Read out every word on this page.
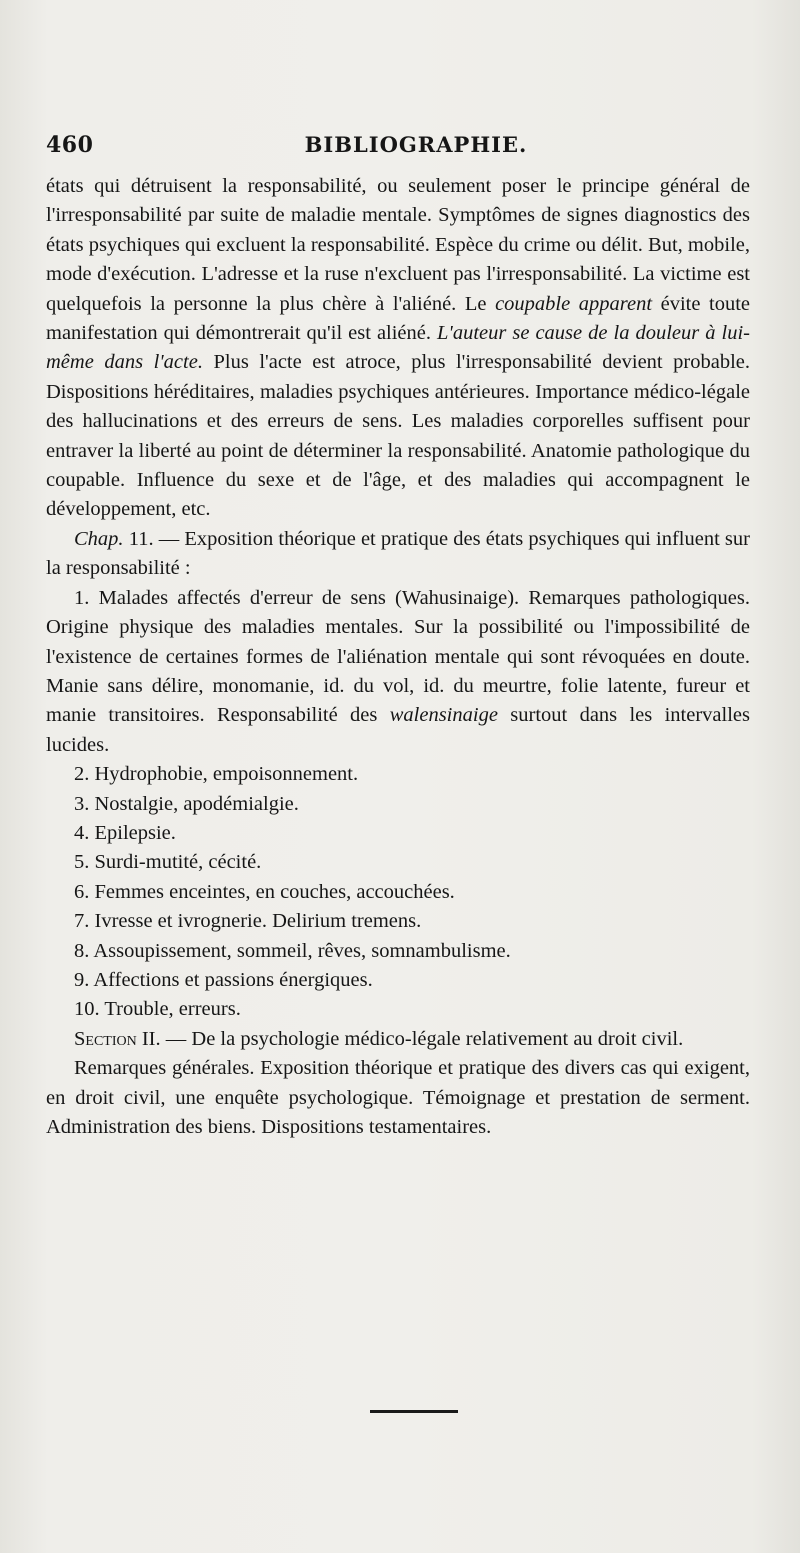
460	BIBLIOGRAPHIE.

états qui détruisent la responsabilité, ou seulement poser le principe général de l'irresponsabilité par suite de maladie mentale. Symptômes de signes diagnostics des états psychiques qui excluent la responsabilité. Espèce du crime ou délit. But, mobile, mode d'exécution. L'adresse et la ruse n'excluent pas l'irresponsabilité. La victime est quelquefois la personne la plus chère à l'aliéné. Le coupable apparent évite toute manifestation qui démontrerait qu'il est aliéné. L'auteur se cause de la douleur à lui-même dans l'acte. Plus l'acte est atroce, plus l'irresponsabilité devient probable. Dispositions héréditaires, maladies psychiques antérieures. Importance médico-légale des hallucinations et des erreurs de sens. Les maladies corporelles suffisent pour entraver la liberté au point de déterminer la responsabilité. Anatomie pathologique du coupable. Influence du sexe et de l'âge, et des maladies qui accompagnent le développement, etc.

Chap. 11. — Exposition théorique et pratique des états psychiques qui influent sur la responsabilité :

1. Malades affectés d'erreur de sens (Wahusinaige). Remarques pathologiques. Origine physique des maladies mentales. Sur la possibilité ou l'impossibilité de l'existence de certaines formes de l'aliénation mentale qui sont révoquées en doute. Manie sans délire, monomanie, id. du vol, id. du meurtre, folie latente, fureur et manie transitoires. Responsabilité des walensinaige surtout dans les intervalles lucides.

2. Hydrophobie, empoisonnement.

3. Nostalgie, apodémialgie.

4. Epilepsie.

5. Surdi-mutité, cécité.

6. Femmes enceintes, en couches, accouchées.

7. Ivresse et ivrognerie. Delirium tremens.

8. Assoupissement, sommeil, rêves, somnambulisme.

9. Affections et passions énergiques.

10. Trouble, erreurs.

Section II. — De la psychologie médico-légale relativement au droit civil.

Remarques générales. Exposition théorique et pratique des divers cas qui exigent, en droit civil, une enquête psychologique. Témoignage et prestation de serment. Administration des biens. Dispositions testamentaires.
